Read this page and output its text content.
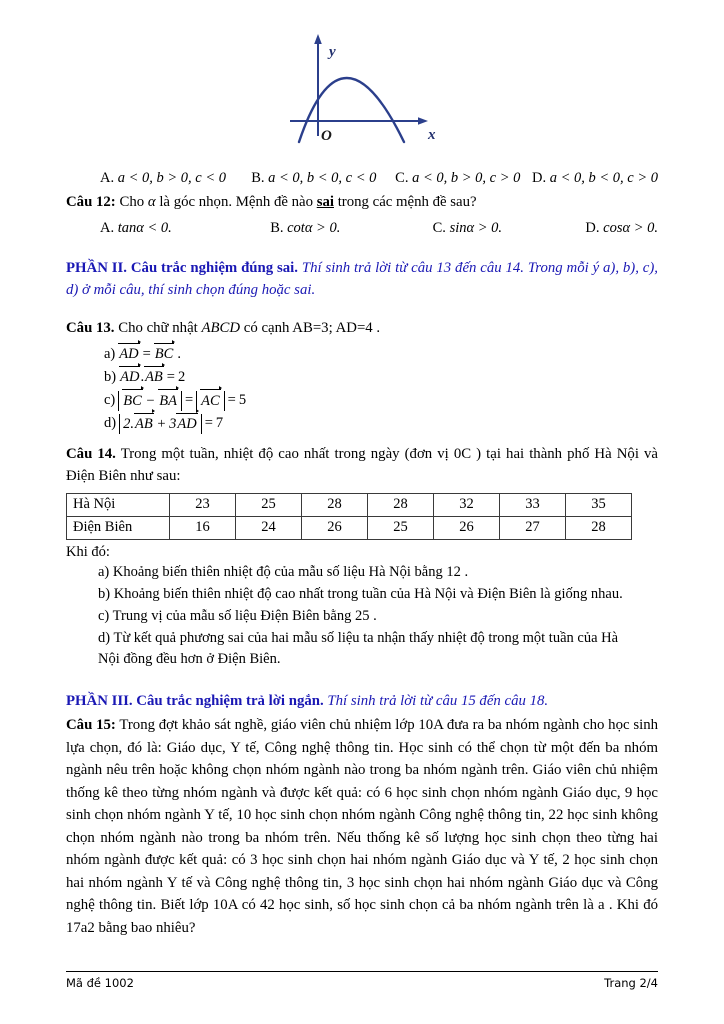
y
x
O
A. a < 0, b > 0, c < 0	B. a < 0, b < 0, c < 0	C. a < 0, b > 0, c > 0 D. a < 0, b < 0, c > 0
Câu 12: Cho α là góc nhọn. Mệnh đề nào sai trong các mệnh đề sau?
A. tanα < 0.	B. cotα > 0.	C. sinα > 0.	D. cosα > 0.
PHẦN II. Câu trắc nghiệm đúng sai. Thí sinh trả lời từ câu 13 đến câu 14. Trong mỗi ý a), b), c), d) ở mỗi câu, thí sinh chọn đúng hoặc sai.
Câu 13. Cho chữ nhật ABCD có cạnh AB=3; AD=4 .
a) AD = BC .
b) AD . AB = 2
c) BC − BA = AC = 5
d) 2.AB + 3AD = 7
Câu 14. Trong một tuần, nhiệt độ cao nhất trong ngày (đơn vị 0C ) tại hai thành phố Hà Nội và Điện Biên như sau:
Hà Nội	23	25	28	28	32	33	35
Điện Biên	16	24	26	25	26	27	28
Khi đó:
a) Khoảng biến thiên nhiệt độ của mẫu số liệu Hà Nội bằng 12 .
b) Khoảng biến thiên nhiệt độ cao nhất trong tuần của Hà Nội và Điện Biên là giống nhau.
c) Trung vị của mẫu số liệu Điện Biên bằng 25 .
d) Từ kết quả phương sai của hai mẫu số liệu ta nhận thấy nhiệt độ trong một tuần của Hà Nội đồng đều hơn ở Điện Biên.
PHẦN III. Câu trắc nghiệm trả lời ngắn. Thí sinh trả lời từ câu 15 đến câu 18.
Câu 15: Trong đợt khảo sát nghề, giáo viên chủ nhiệm lớp 10A đưa ra ba nhóm ngành cho học sinh lựa chọn, đó là: Giáo dục, Y tế, Công nghệ thông tin. Học sinh có thể chọn từ một đến ba nhóm ngành nêu trên hoặc không chọn nhóm ngành nào trong ba nhóm ngành trên. Giáo viên chủ nhiệm thống kê theo từng nhóm ngành và được kết quả: có 6 học sinh chọn nhóm ngành Giáo dục, 9 học sinh chọn nhóm ngành Y tế, 10 học sinh chọn nhóm ngành Công nghệ thông tin, 22 học sinh không chọn nhóm ngành nào trong ba nhóm trên. Nếu thống kê số lượng học sinh chọn theo từng hai nhóm ngành được kết quả: có 3 học sinh chọn hai nhóm ngành Giáo dục và Y tế, 2 học sinh chọn hai nhóm ngành Y tế và Công nghệ thông tin, 3 học sinh chọn hai nhóm ngành Giáo dục và Công nghệ thông tin. Biết lớp 10A có 42 học sinh, số học sinh chọn cả ba nhóm ngành trên là a . Khi đó 17a2 bằng bao nhiêu?
Mã đề 1002	Trang 2/4
